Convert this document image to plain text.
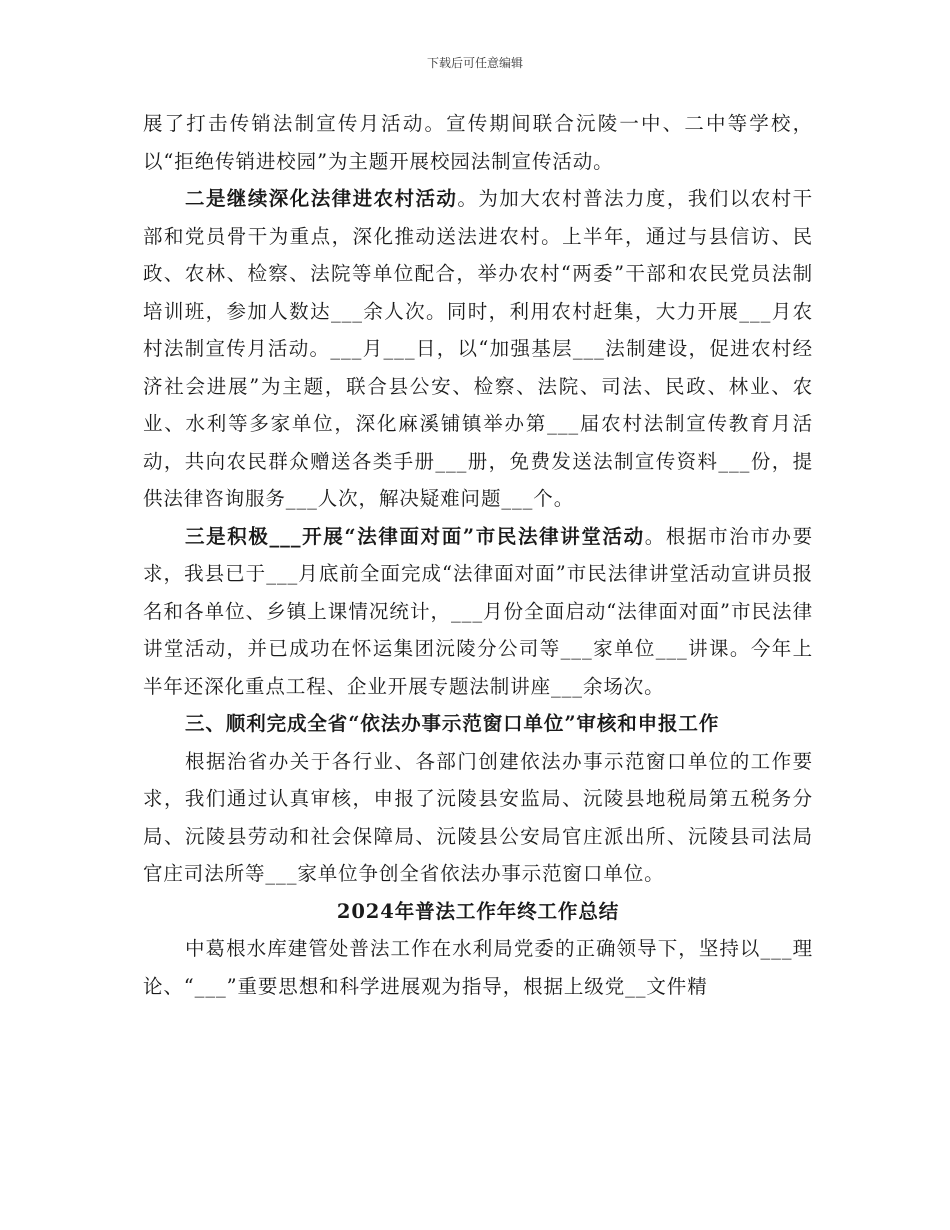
下载后可任意编辑

展了打击传销法制宣传月活动。宣传期间联合沅陵一中、二中等学校，以“拒绝传销进校园”为主题开展校园法制宣传活动。

二是继续深化法律进农村活动。为加大农村普法力度，我们以农村干部和党员骨干为重点，深化推动送法进农村。上半年，通过与县信访、民政、农林、检察、法院等单位配合，举办农村“两委”干部和农民党员法制培训班，参加人数达___余人次。同时，利用农村赶集，大力开展___月农村法制宣传月活动。___月___日，以“加强基层___法制建设，促进农村经济社会进展”为主题，联合县公安、检察、法院、司法、民政、林业、农业、水利等多家单位，深化麻溪铺镇举办第___届农村法制宣传教育月活动，共向农民群众赠送各类手册___册，免费发送法制宣传资料___份，提供法律咨询服务___人次，解决疑难问题___个。

三是积极___开展“法律面对面”市民法律讲堂活动。根据市治市办要求，我县已于___月底前全面完成“法律面对面”市民法律讲堂活动宣讲员报名和各单位、乡镇上课情况统计，___月份全面启动“法律面对面”市民法律讲堂活动，并已成功在怀运集团沅陵分公司等___家单位___讲课。今年上半年还深化重点工程、企业开展专题法制讲座___余场次。

三、顺利完成全省“依法办事示范窗口单位”审核和申报工作

根据治省办关于各行业、各部门创建依法办事示范窗口单位的工作要求，我们通过认真审核，申报了沅陵县安监局、沅陵县地税局第五税务分局、沅陵县劳动和社会保障局、沅陵县公安局官庄派出所、沅陵县司法局官庄司法所等___家单位争创全省依法办事示范窗口单位。

2024年普法工作年终工作总结

中葛根水库建管处普法工作在水利局党委的正确领导下，坚持以___理论、“___”重要思想和科学进展观为指导，根据上级党__文件精
